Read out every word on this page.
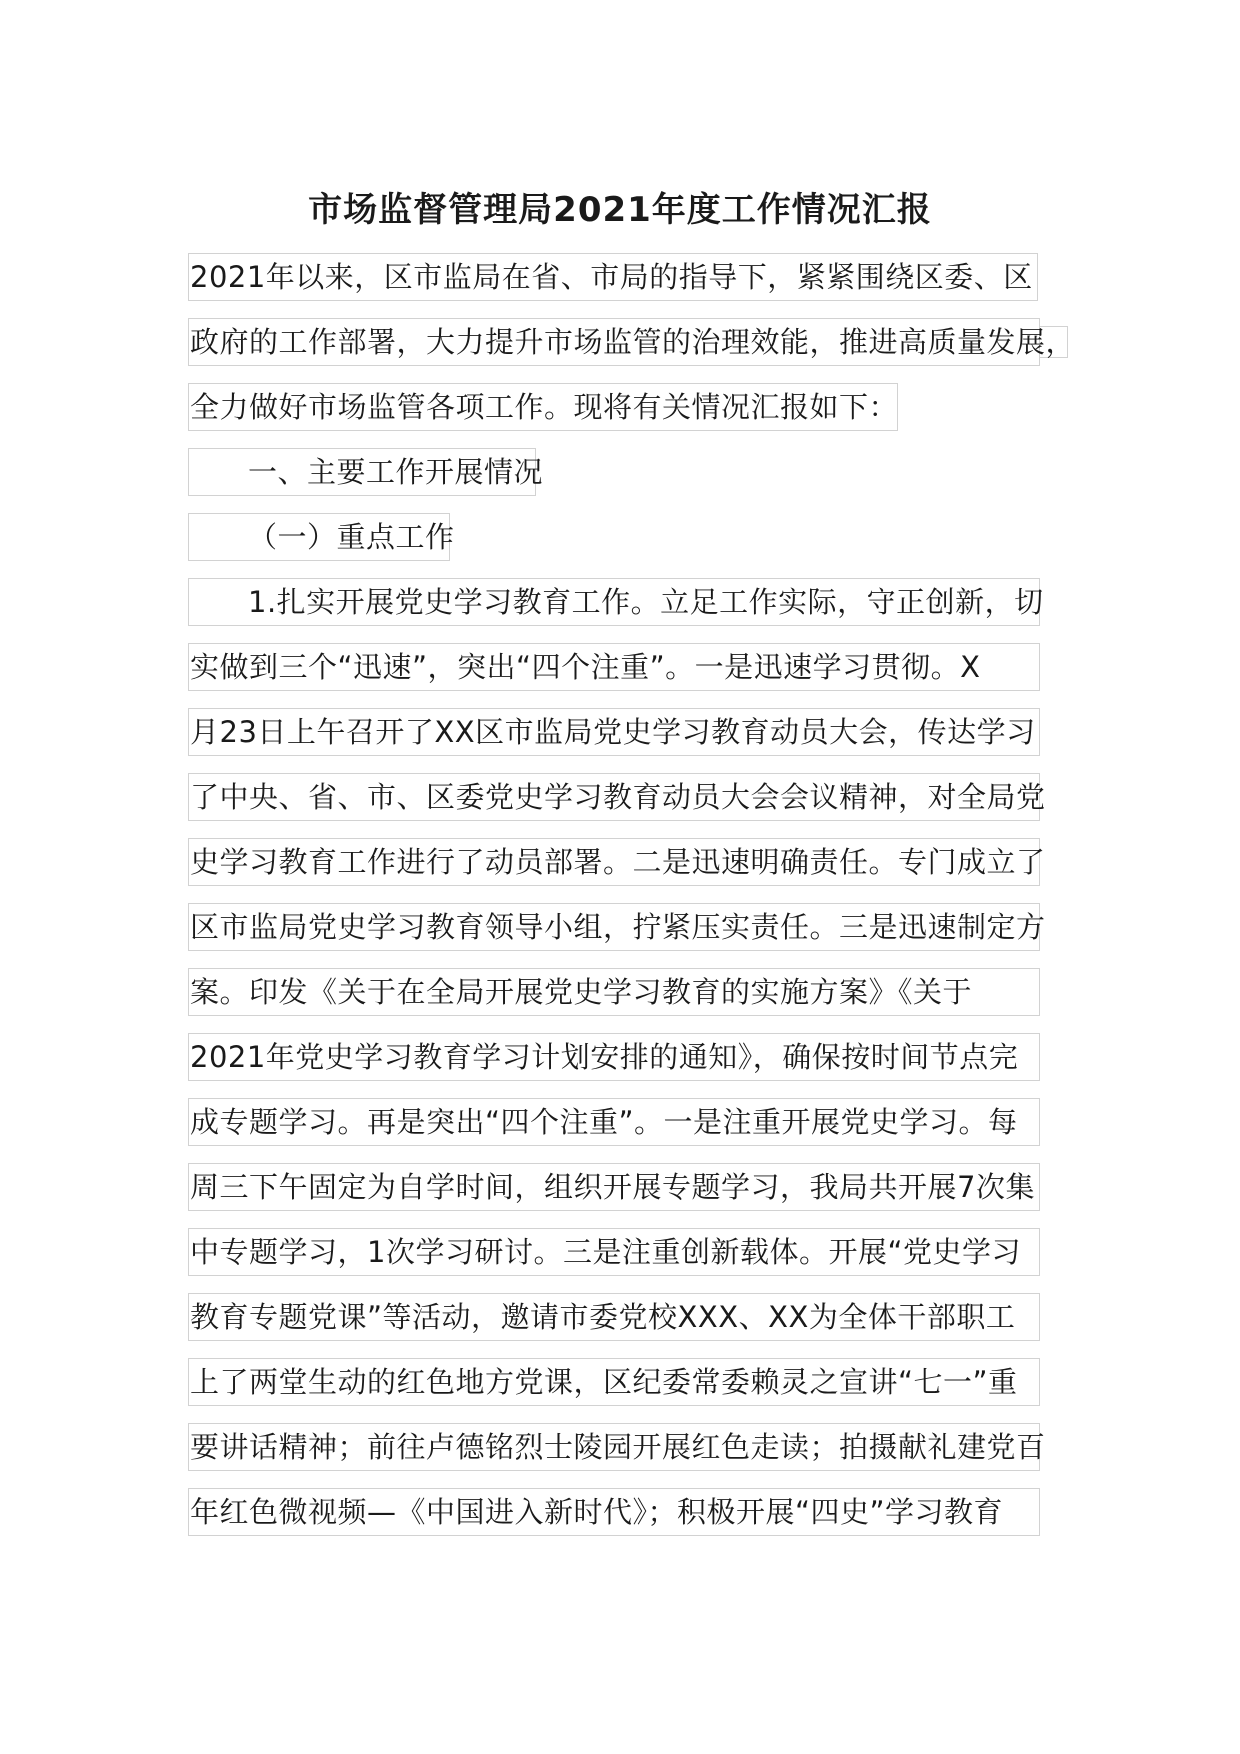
市场监督管理局2021年度工作情况汇报
2021年以来，区市监局在省、市局的指导下，紧紧围绕区委、区
政府的工作部署，大力提升市场监管的治理效能，推进高质量发展，
全力做好市场监管各项工作。现将有关情况汇报如下：
一、主要工作开展情况
（一）重点工作
1.扎实开展党史学习教育工作。立足工作实际，守正创新，切
实做到三个“迅速”，突出“四个注重”。一是迅速学习贯彻。X
月23日上午召开了XX区市监局党史学习教育动员大会，传达学习
了中央、省、市、区委党史学习教育动员大会会议精神，对全局党
史学习教育工作进行了动员部署。二是迅速明确责任。专门成立了
区市监局党史学习教育领导小组，拧紧压实责任。三是迅速制定方
案。印发《关于在全局开展党史学习教育的实施方案》《关于
2021年党史学习教育学习计划安排的通知》，确保按时间节点完
成专题学习。再是突出“四个注重”。一是注重开展党史学习。每
周三下午固定为自学时间，组织开展专题学习，我局共开展7次集
中专题学习，1次学习研讨。三是注重创新载体。开展“党史学习
教育专题党课”等活动，邀请市委党校XXX、XX为全体干部职工
上了两堂生动的红色地方党课，区纪委常委赖灵之宣讲“七一”重
要讲话精神；前往卢德铭烈士陵园开展红色走读；拍摄献礼建党百
年红色微视频—《中国进入新时代》；积极开展“四史”学习教育
